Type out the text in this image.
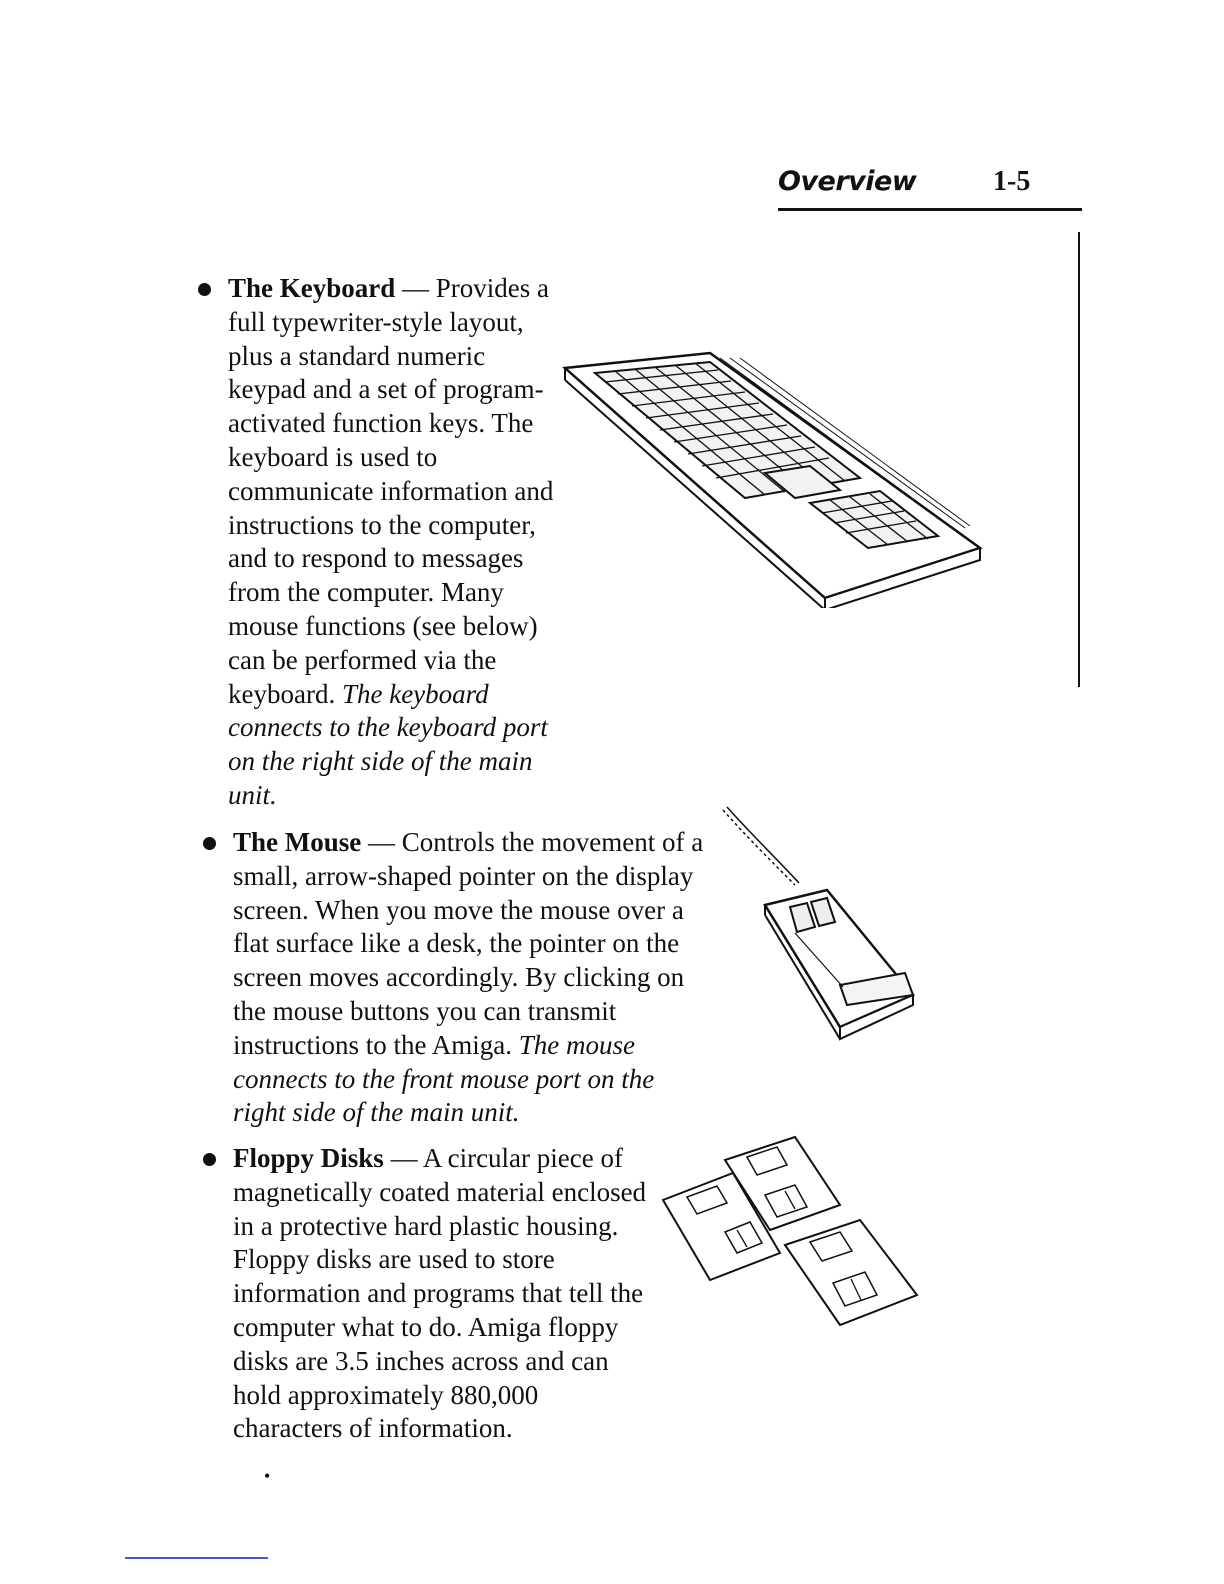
Overview	1-5
The Keyboard — Provides a full typewriter-style layout, plus a standard numeric keypad and a set of program-activated function keys. The keyboard is used to communicate information and instructions to the computer, and to respond to messages from the computer. Many mouse functions (see below) can be performed via the keyboard. The keyboard connects to the keyboard port on the right side of the main unit.
The Mouse — Controls the movement of a small, arrow-shaped pointer on the display screen. When you move the mouse over a flat surface like a desk, the pointer on the screen moves accordingly. By clicking on the mouse buttons you can transmit instructions to the Amiga. The mouse connects to the front mouse port on the right side of the main unit.
Floppy Disks — A circular piece of magnetically coated material enclosed in a protective hard plastic housing. Floppy disks are used to store information and programs that tell the computer what to do. Amiga floppy disks are 3.5 inches across and can hold approximately 880,000 characters of information.
•
